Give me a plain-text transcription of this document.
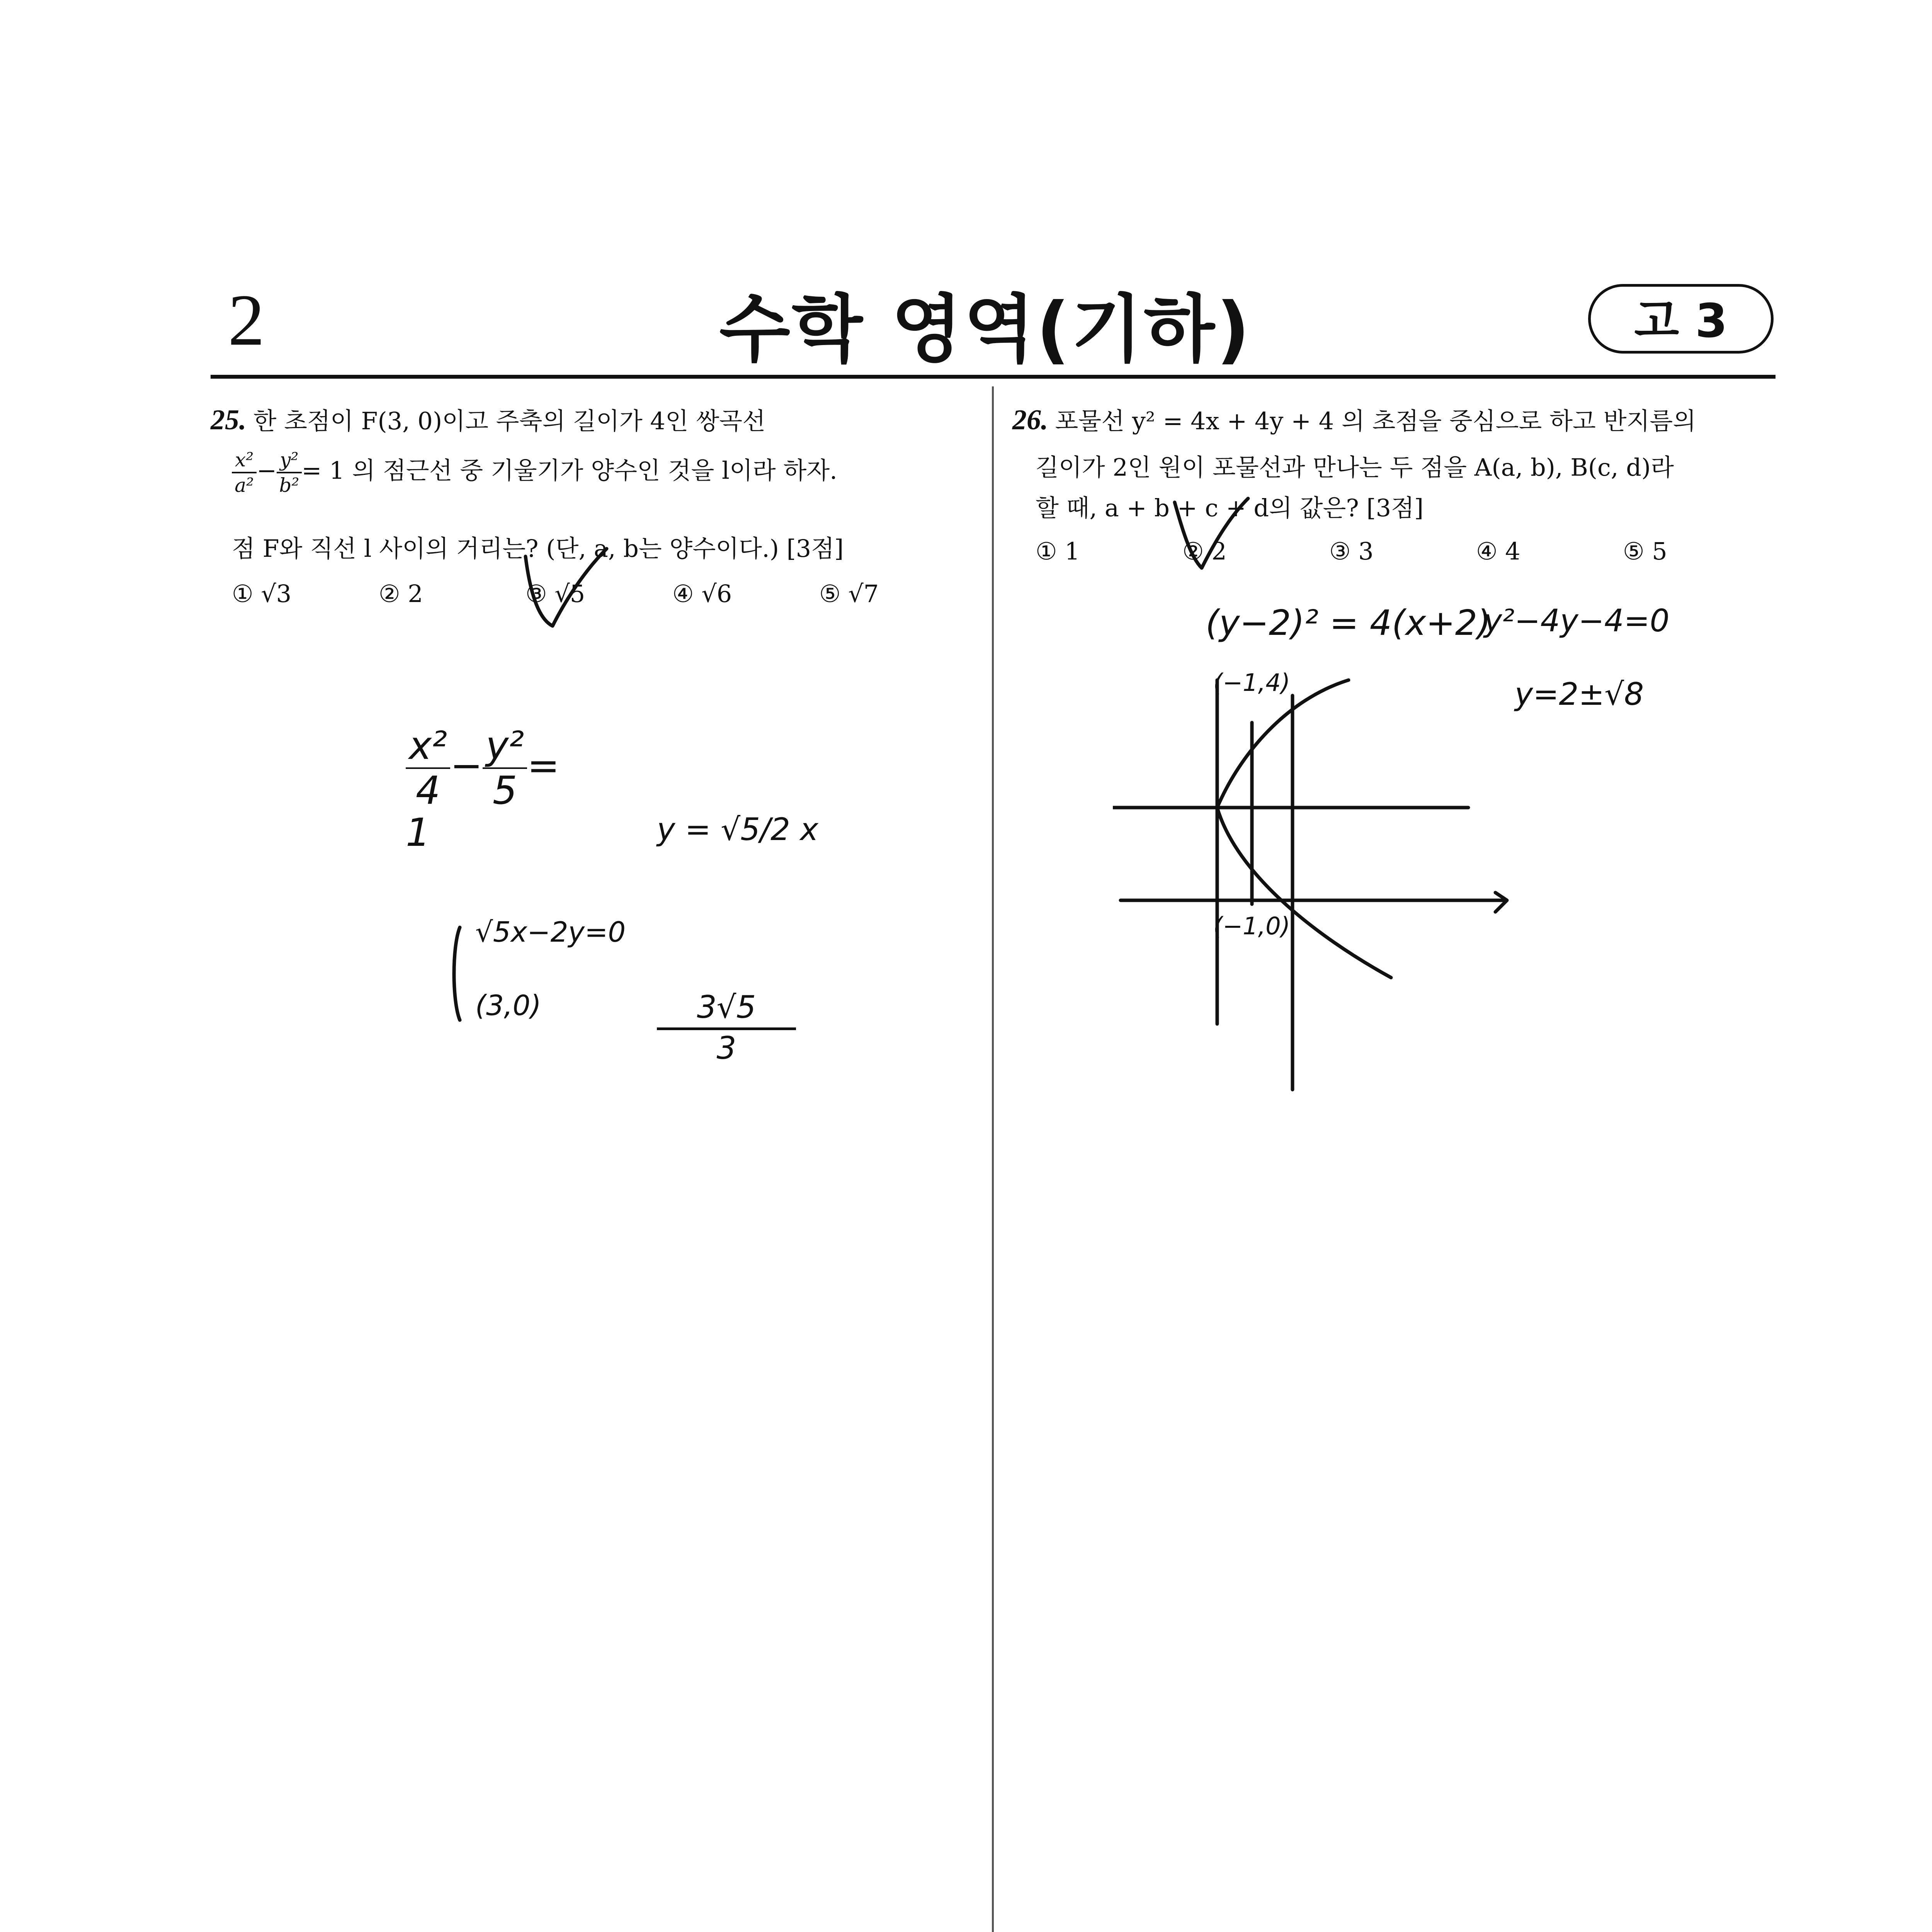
2	수학 영역(기하)	고 3
25. 한 초점이 F(3, 0)이고 주축의 길이가 4인 쌍곡선
$\frac{\text{x²}}{\text{a²}} - \frac{\text{y²}}{\text{b²}} = 1$ 의 점근선 중 기울기가 양수인 것을 l이라 하자.
점 F와 직선 l 사이의 거리는? (단, a, b는 양수이다.) [3점]
① √3	② 2	③ √5	④ √6	⑤ √7
26. 포물선 y² = 4x + 4y + 4 의 초점을 중심으로 하고 반지름의
길이가 2인 원이 포물선과 만나는 두 점을 A(a, b), B(c, d)라
할 때, a + b + c + d의 값은? [3점]
① 1	② 2	③ 3	④ 4	⑤ 5
$\frac{\text{x²}}{4} - \frac{\text{y²}}{5} = 1$	y = √5/2 x
√5x−2y=0
(3,0)	$\frac{3√5}{3}$
(y−2)² = 4(x+2)
y²−4y−4=0
y=2±√8
(−1,4)
(−1,0)
